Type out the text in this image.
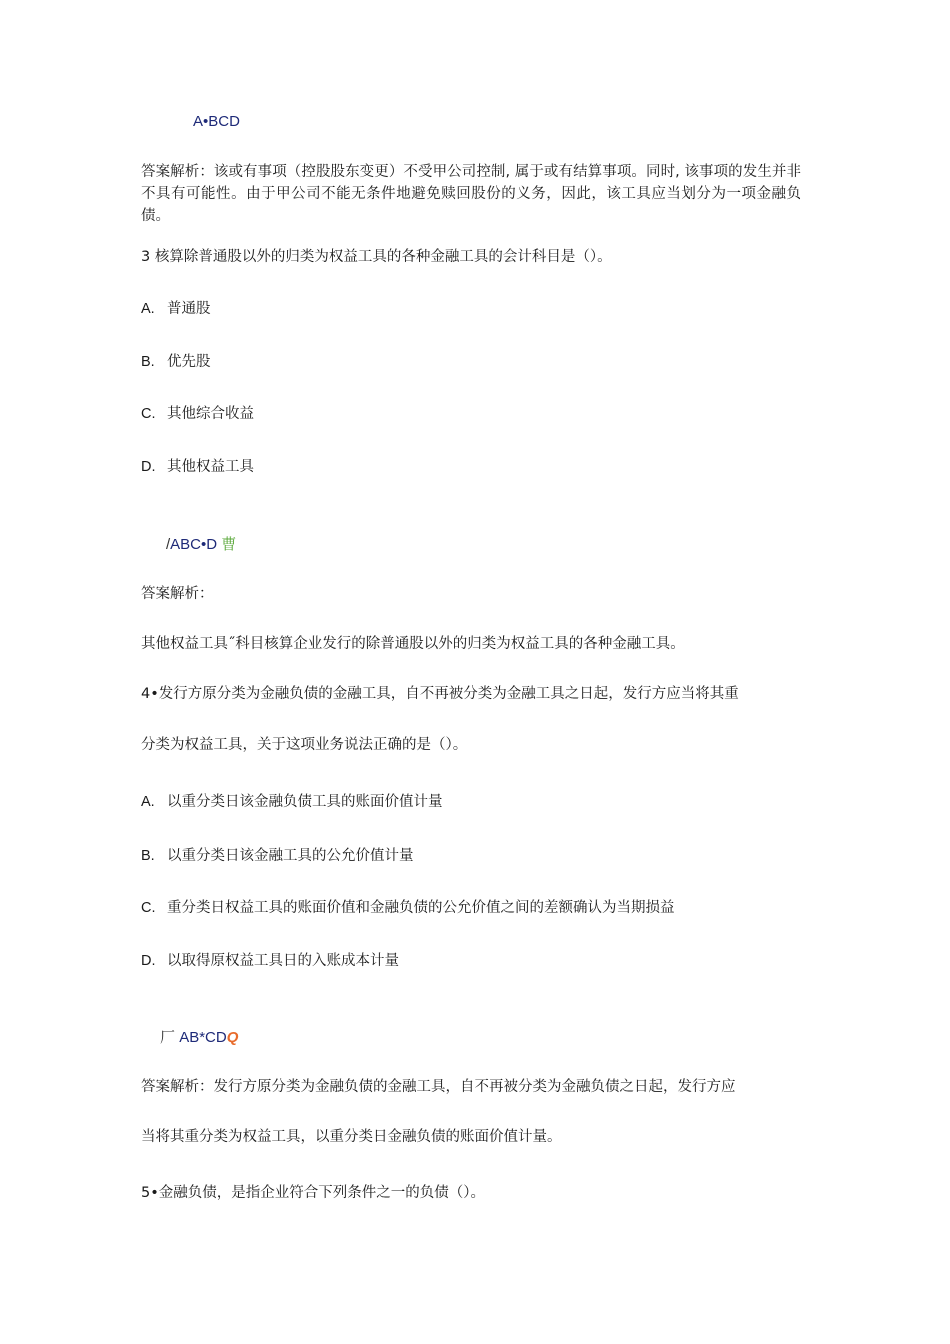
A•BCD
答案解析：该或有事项（控股股东变更）不受甲公司控制, 属于或有结算事项。同时, 该事项的发生并非不具有可能性。由于甲公司不能无条件地避免赎回股份的义务，因此，该工具应当划分为一项金融负债。
3 核算除普通股以外的归类为权益工具的各种金融工具的会计科目是（）。
A. 普通股
B. 优先股
C. 其他综合收益
D. 其他权益工具
/ABC•D 曹
答案解析：
其他权益工具˝科目核算企业发行的除普通股以外的归类为权益工具的各种金融工具。
4•发行方原分类为金融负债的金融工具，自不再被分类为金融工具之日起，发行方应当将其重
分类为权益工具，关于这项业务说法正确的是（）。
A. 以重分类日该金融负债工具的账面价值计量
B. 以重分类日该金融工具的公允价值计量
C. 重分类日权益工具的账面价值和金融负债的公允价值之间的差额确认为当期损益
D. 以取得原权益工具日的入账成本计量
厂 AB*CDQ
答案解析：发行方原分类为金融负债的金融工具，自不再被分类为金融负债之日起，发行方应
当将其重分类为权益工具，以重分类日金融负债的账面价值计量。
5•金融负债，是指企业符合下列条件之一的负债（）。
